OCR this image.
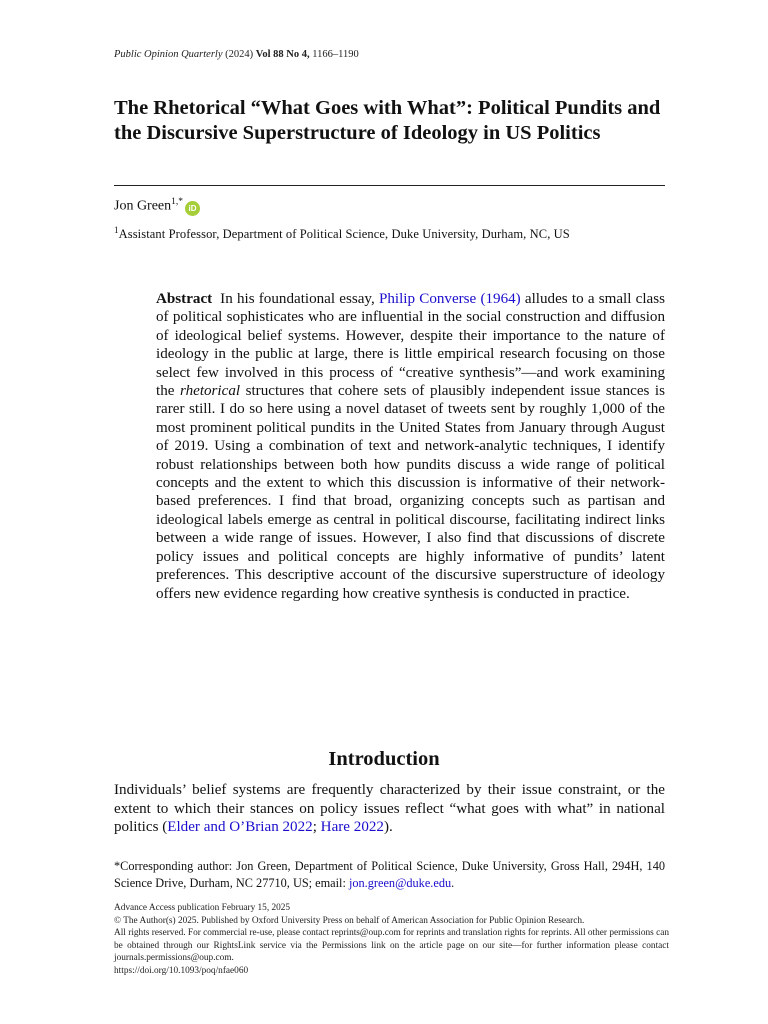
Public Opinion Quarterly (2024) Vol 88 No 4, 1166–1190
The Rhetorical “What Goes with What”: Political Pundits and the Discursive Superstructure of Ideology in US Politics
Jon Green$^{1,*}$iD
$^1$Assistant Professor, Department of Political Science, Duke University, Durham, NC, US

Abstract In his foundational essay, Philip Converse (1964) alludes to a small class of political sophisticates who are influential in the social construction and diffusion of ideological belief systems. However, despite their importance to the nature of ideology in the public at large, there is little empirical research focusing on those select few involved in this process of “creative synthesis”—and work examining the rhetorical structures that cohere sets of plausibly independent issue stances is rarer still. I do so here using a novel dataset of tweets sent by roughly 1,000 of the most prominent political pundits in the United States from January through August of 2019. Using a combination of text and network-analytic techniques, I identify robust relationships between both how pundits discuss a wide range of political concepts and the extent to which this discussion is informative of their network-based preferences. I find that broad, organizing concepts such as partisan and ideological labels emerge as central in political discourse, facilitating indirect links between a wide range of issues. However, I also find that discussions of discrete policy issues and political concepts are highly informative of pundits’ latent preferences. This descriptive account of the discursive superstructure of ideology offers new evidence regarding how creative synthesis is conducted in practice.

Introduction

Individuals’ belief systems are frequently characterized by their issue constraint, or the extent to which their stances on policy issues reflect “what goes with what” in national politics (Elder and O’Brian 2022; Hare 2022).

*Corresponding author: Jon Green, Department of Political Science, Duke University, Gross Hall, 294H, 140 Science Drive, Durham, NC 27710, US; email: jon.green@duke.edu.

Advance Access publication February 15, 2025
© The Author(s) 2025. Published by Oxford University Press on behalf of American Association for Public Opinion Research.
All rights reserved. For commercial re-use, please contact reprints@oup.com for reprints and translation rights for reprints. All other permissions can be obtained through our RightsLink service via the Permissions link on the article page on our site—for further information please contact journals.permissions@oup.com.
https://doi.org/10.1093/poq/nfae060
